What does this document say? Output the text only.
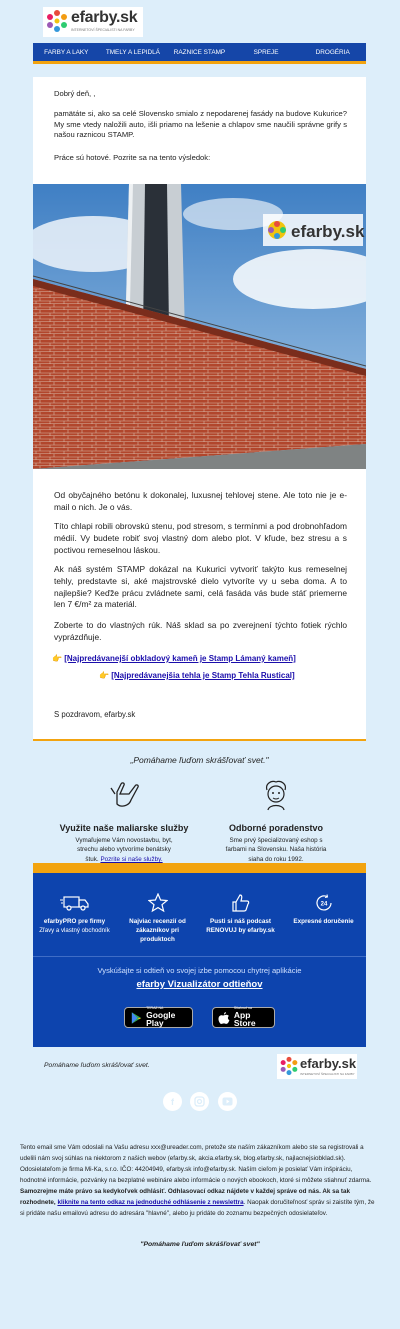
efarby.sk
INTERNETOVÍ ŠPECIALISTI NA FARBY
FARBY A LAKY	TMELY A LEPIDLÁ	RAZNICE STAMP	SPREJE	DROGÉRIA
Dobrý deň, ,
pamätáte si, ako sa celé Slovensko smialo z nepodarenej fasády na budove Kukurice? My sme vtedy naložili auto, išli priamo na lešenie a chlapov sme naučili správne grify s našou raznicou STAMP.
Práce sú hotové. Pozrite sa na tento výsledok:
efarby.sk
Od obyčajného betónu k dokonalej, luxusnej tehlovej stene. Ale toto nie je e-mail o nich. Je o vás.
Títo chlapi robili obrovskú stenu, pod stresom, s termínmi a pod drobnohľadom médií. Vy budete robiť svoj vlastný dom alebo plot. V kľude, bez stresu a s poctivou remeselnou láskou.
Ak náš systém STAMP dokázal na Kukurici vytvoriť takýto kus remeselnej tehly, predstavte si, aké majstrovské dielo vytvoríte vy u seba doma. A to najlepšie? Keďže prácu zvládnete sami, celá fasáda vás bude stáť priemerne len 7 €/m² za materiál.
Zoberte to do vlastných rúk. Náš sklad sa po zverejnení týchto fotiek rýchlo vyprázdňuje.
👉 [Najpredávanejší obkladový kameň je Stamp Lámaný kameň]
👉 [Najpredávanejšia tehla je Stamp Tehla Rustical]
S pozdravom, efarby.sk
„Pomáhame ľuďom skrášľovať svet."
Využite naše maliarske služby
Vymaľujeme Vám novostavbu, byt, strechu alebo vytvoríme benátsky štuk. Pozrite si naše služby.
Odborné poradenstvo
Sme prvý špecializovaný eshop s farbami na Slovensku. Naša história siaha do roku 1992.
efarbyPRO pre firmy
Zľavy a vlastný obchodník
Najviac recenzií od zákazníkov pri produktoch
Pusti si náš podcast RENOVUJ by efarby.sk
24
Expresné doručenie
Vyskúšajte si odtieň vo svojej izbe pomocou chytrej aplikácie
efarby Vizualizátor odtieňov
TERAZ NA
Google Play
Stiahnuť na
App Store
Pomáhame ľuďom skrášľovať svet.	efarby.sk
INTERNETOVÍ ŠPECIALISTI NA FARBY
f
Tento email sme Vám odoslali na Vašu adresu xxx@ureader.com, pretože ste naším zákazníkom alebo ste sa registrovali a udelili nám svoj súhlas na niektorom z našich webov (efarby.sk, akcia.efarby.sk, blog.efarby.sk, najlacnejsiobklad.sk). Odosielateľom je firma Mi-Ka, s.r.o. IČO: 44204949, efarby.sk info@efarby.sk. Naším cieľom je posielať Vám inšpiráciu, hodnotné informácie, pozvánky na bezplatné webináre alebo informácie o nových ebookoch, ktoré si môžete stiahnuť zdarma.
Samozrejme máte právo sa kedykoľvek odhlásiť. Odhlasovací odkaz nájdete v každej správe od nás. Ak sa tak rozhodnete, kliknite na tento odkaz na jednoduché odhlásenie z newslettra. Naopak doručiteľnosť správ si zaistíte tým, že si pridáte našu emailovú adresu do adresára "hlavné", alebo ju pridáte do zoznamu bezpečných odosielateľov.
"Pomáhame ľuďom skrášľovať svet"
